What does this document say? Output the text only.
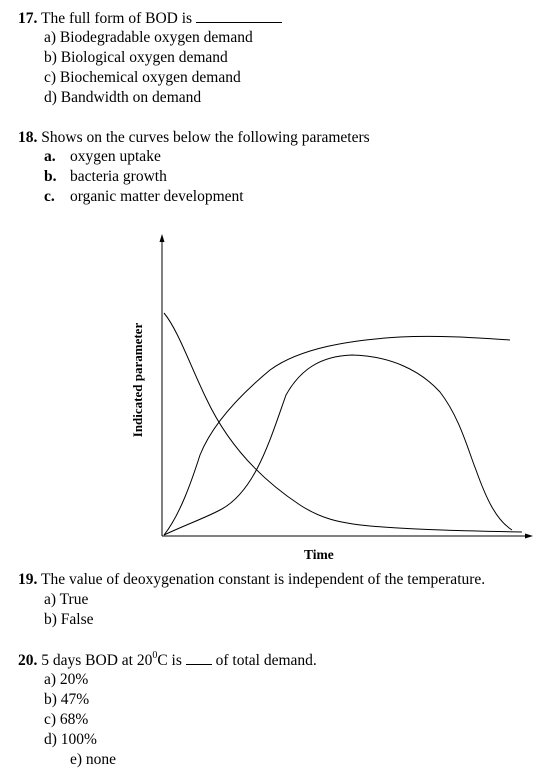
17. The full form of BOD is
a) Biodegradable oxygen demand
b) Biological oxygen demand
c) Biochemical oxygen demand
d) Bandwidth on demand
18. Shows on the curves below the following parameters
a. oxygen uptake
b. bacteria growth
c. organic matter development
Indicated parameter
Time
19. The value of deoxygenation constant is independent of the temperature.
a) True
b) False
20. 5 days BOD at $20^0C$ is of total demand.
a) 20%
b) 47%
c) 68%
d) 100%
e) none
